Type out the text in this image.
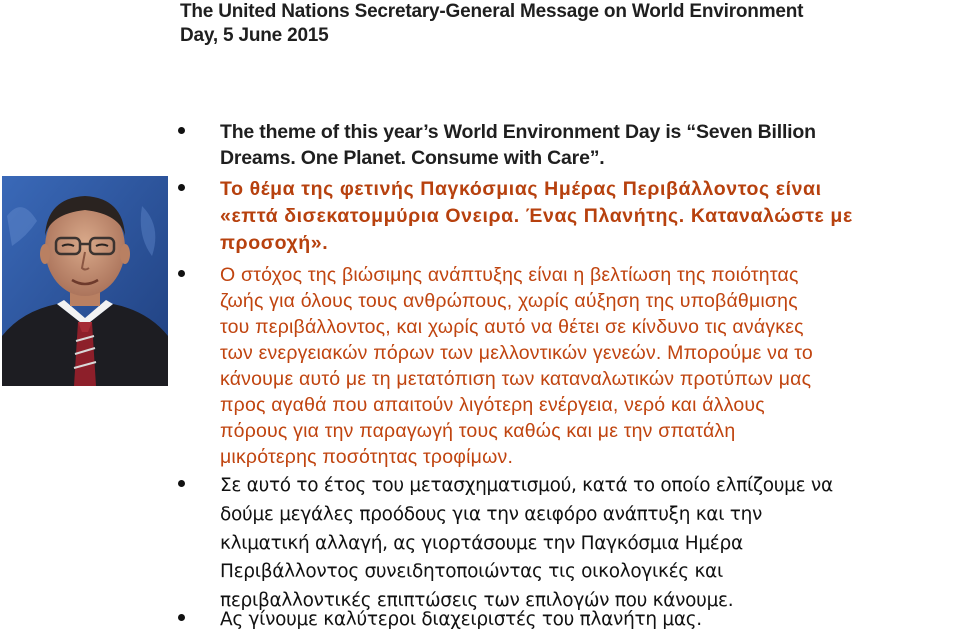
The United Nations Secretary-General Message on World Environment
Day, 5 June 2015
The theme of this year’s World Environment Day is “Seven Billion
Dreams. One Planet. Consume with Care”.
Το θέμα της φετινής Παγκόσμιας Ημέρας Περιβάλλοντος είναι
«επτά δισεκατομμύρια Ονειρα. Ένας Πλανήτης. Καταναλώστε με
προσοχή».
Ο στόχος της βιώσιμης ανάπτυξης είναι η βελτίωση της ποιότητας
ζωής για όλους τους ανθρώπους, χωρίς αύξηση της υποβάθμισης
του περιβάλλοντος, και χωρίς αυτό να θέτει σε κίνδυνο τις ανάγκες
των ενεργειακών πόρων των μελλοντικών γενεών. Μπορούμε να το
κάνουμε αυτό με τη μετατόπιση των καταναλωτικών προτύπων μας
προς αγαθά που απαιτούν λιγότερη ενέργεια, νερό και άλλους
πόρους για την παραγωγή τους καθώς και με την σπατάλη
μικρότερης ποσότητας τροφίμων.
Σε αυτό το έτος του μετασχηματισμού, κατά το οποίο ελπίζουμε να
δούμε μεγάλες προόδους για την αειφόρο ανάπτυξη και την
κλιματική αλλαγή, ας γιορτάσουμε την Παγκόσμια Ημέρα
Περιβάλλοντος συνειδητοποιώντας τις οικολογικές και
περιβαλλοντικές επιπτώσεις των επιλογών που κάνουμε.
Ας γίνουμε καλύτεροι διαχειριστές του πλανήτη μας.
